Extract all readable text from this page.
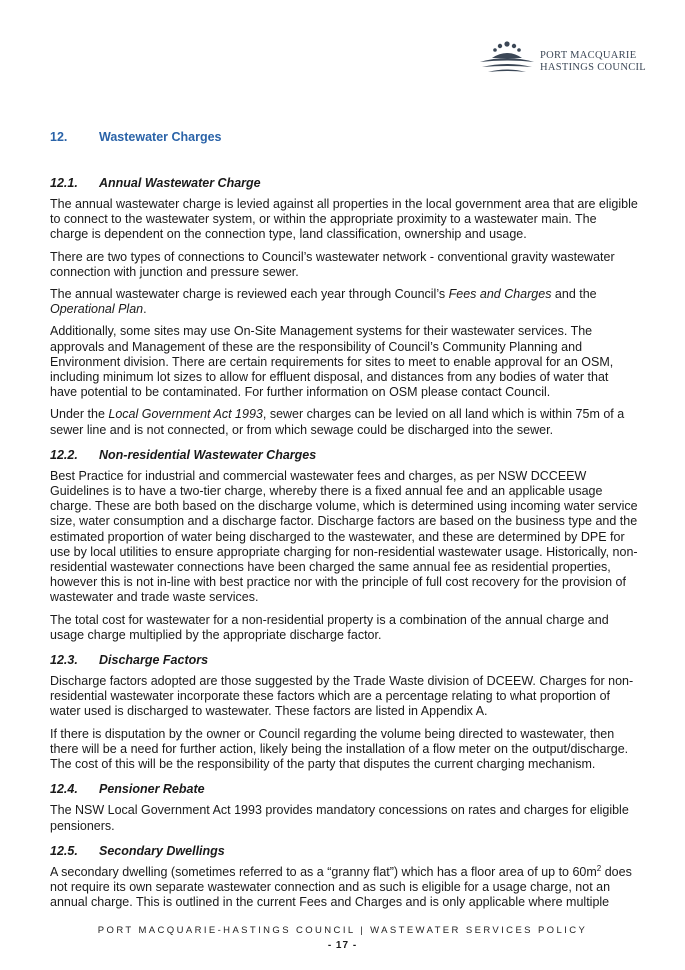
PORT MACQUARIE
HASTINGS COUNCIL
12.	Wastewater Charges
12.1.	Annual Wastewater Charge

The annual wastewater charge is levied against all properties in the local government area that are eligible to connect to the wastewater system, or within the appropriate proximity to a wastewater main. The charge is dependent on the connection type, land classification, ownership and usage.

There are two types of connections to Council’s wastewater network - conventional gravity wastewater connection with junction and pressure sewer.

The annual wastewater charge is reviewed each year through Council’s Fees and Charges and the Operational Plan.

Additionally, some sites may use On-Site Management systems for their wastewater services. The approvals and Management of these are the responsibility of Council’s Community Planning and Environment division. There are certain requirements for sites to meet to enable approval for an OSM, including minimum lot sizes to allow for effluent disposal, and distances from any bodies of water that have potential to be contaminated. For further information on OSM please contact Council.

Under the Local Government Act 1993, sewer charges can be levied on all land which is within 75m of a sewer line and is not connected, or from which sewage could be discharged into the sewer.

12.2.	Non-residential Wastewater Charges

Best Practice for industrial and commercial wastewater fees and charges, as per NSW DCCEEW Guidelines is to have a two-tier charge, whereby there is a fixed annual fee and an applicable usage charge. These are both based on the discharge volume, which is determined using incoming water service size, water consumption and a discharge factor. Discharge factors are based on the business type and the estimated proportion of water being discharged to the wastewater, and these are determined by DPE for use by local utilities to ensure appropriate charging for non-residential wastewater usage. Historically, non-residential wastewater connections have been charged the same annual fee as residential properties, however this is not in-line with best practice nor with the principle of full cost recovery for the provision of wastewater and trade waste services.

The total cost for wastewater for a non-residential property is a combination of the annual charge and usage charge multiplied by the appropriate discharge factor.

12.3.	Discharge Factors

Discharge factors adopted are those suggested by the Trade Waste division of DCEEW. Charges for non-residential wastewater incorporate these factors which are a percentage relating to what proportion of water used is discharged to wastewater. These factors are listed in Appendix A.

If there is disputation by the owner or Council regarding the volume being directed to wastewater, then there will be a need for further action, likely being the installation of a flow meter on the output/discharge. The cost of this will be the responsibility of the party that disputes the current charging mechanism.

12.4.	Pensioner Rebate

The NSW Local Government Act 1993 provides mandatory concessions on rates and charges for eligible pensioners.

12.5.	Secondary Dwellings

A secondary dwelling (sometimes referred to as a “granny flat”) which has a floor area of up to $60m^2$ does not require its own separate wastewater connection and as such is eligible for a usage charge, not an annual charge. This is outlined in the current Fees and Charges and is only applicable where multiple

PORT MACQUARIE-HASTINGS COUNCIL | WASTEWATER SERVICES POLICY
- 17 -
